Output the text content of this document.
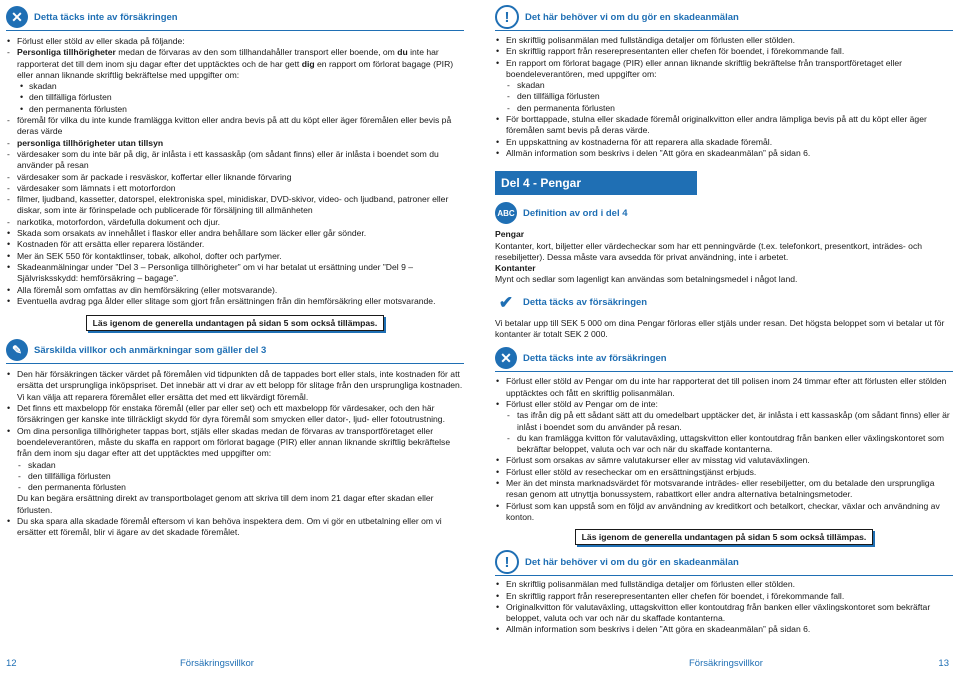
✕	Detta täcks inte av försäkringen
• Förlust eller stöld av eller skada på följande:
- Personliga tillhörigheter medan de förvaras av den som tillhandahåller transport eller boende, om du inte har rapporterat det till dem inom sju dagar efter det upptäcktes och de har gett dig en rapport om förlorat bagage (PIR) eller annan liknande skriftlig bekräftelse med uppgifter om:
• skadan
• den tillfälliga förlusten
• den permanenta förlusten
- föremål för vilka du inte kunde framlägga kvitton eller andra bevis på att du köpt eller äger föremålen eller bevis på deras värde
- personliga tillhörigheter utan tillsyn
- värdesaker som du inte bär på dig, är inlåsta i ett kassaskåp (om sådant finns) eller är inlåsta i boendet som du använder på resan
- värdesaker som är packade i resväskor, koffertar eller liknande förvaring
- värdesaker som lämnats i ett motorfordon
- filmer, ljudband, kassetter, datorspel, elektroniska spel, minidiskar, DVD-skivor, video- och ljudband, patroner eller diskar, som inte är förinspelade och publicerade för försäljning till allmänheten
- narkotika, motorfordon, värdefulla dokument och djur.
• Skada som orsakats av innehållet i flaskor eller andra behållare som läcker eller går sönder.
• Kostnaden för att ersätta eller reparera löständer.
• Mer än SEK 550 för kontaktlinser, tobak, alkohol, dofter och parfymer.
• Skadeanmälningar under ”Del 3 – Personliga tillhörigheter” om vi har betalat ut ersättning under ”Del 9 – Självrisksskydd: hemförsäkring – bagage”.
• Alla föremål som omfattas av din hemförsäkring (eller motsvarande).
• Eventuella avdrag pga ålder eller slitage som gjort från ersättningen från din hemförsäkring eller motsvarande.
Läs igenom de generella undantagen på sidan 5 som också tillämpas.
✎	Särskilda villkor och anmärkningar som gäller del 3
• Den här försäkringen täcker värdet på föremålen vid tidpunkten då de tappades bort eller stals, inte kostnaden för att ersätta det ursprungliga inköpspriset. Det innebär att vi drar av ett belopp för slitage från den ursprungliga kostnaden. Vi kan välja att reparera föremålet eller ersätta det med ett likvärdigt föremål.
• Det finns ett maxbelopp för enstaka föremål (eller par eller set) och ett maxbelopp för värdesaker, och den här försäkringen ger kanske inte tillräckligt skydd för dyra föremål som smycken eller dator-, ljud- eller fotoutrustning.
• Om dina personliga tillhörigheter tappas bort, stjäls eller skadas medan de förvaras av transportföretaget eller boendeleverantören, måste du skaffa en rapport om förlorat bagage (PIR) eller annan liknande skriftlig bekräftelse från dem inom sju dagar efter att det upptäcktes med uppgifter om:
- skadan
- den tillfälliga förlusten
- den permanenta förlusten

Du kan begära ersättning direkt av transportbolaget genom att skriva till dem inom 21 dagar efter skadan eller förlusten.

• Du ska spara alla skadade föremål eftersom vi kan behöva inspektera dem. Om vi gör en utbetalning eller om vi ersätter ett föremål, blir vi ägare av det skadade föremålet.
12	Försäkringsvillkor
!	Det här behöver vi om du gör en skadeanmälan
• En skriftlig polisanmälan med fullständiga detaljer om förlusten eller stölden.
• En skriftlig rapport från reserepresentanten eller chefen för boendet, i förekommande fall.
• En rapport om förlorat bagage (PIR) eller annan liknande skriftlig bekräftelse från transportföretaget eller boendeleverantören, med uppgifter om:
- skadan
- den tillfälliga förlusten
- den permanenta förlusten
• För borttappade, stulna eller skadade föremål originalkvitton eller andra lämpliga bevis på att du köpt eller äger föremålen samt bevis på deras värde.
• En uppskattning av kostnaderna för att reparera alla skadade föremål.
• Allmän information som beskrivs i delen ”Att göra en skadeanmälan” på sidan 6.
Del 4 - Pengar
ABC Definition av ord i del 4

Pengar

Kontanter, kort, biljetter eller värdecheckar som har ett penningvärde (t.ex. telefonkort, presentkort, inträdes- och resebiljetter). Dessa måste vara avsedda för privat användning, inte i arbetet.

Kontanter

Mynt och sedlar som lagenligt kan användas som betalningsmedel i något land.

✔	Detta täcks av försäkringen

Vi betalar upp till SEK 5 000 om dina Pengar förloras eller stjäls under resan. Det högsta beloppet som vi betalar ut för kontanter är totalt SEK 2 000.

✕	Detta täcks inte av försäkringen
• Förlust eller stöld av Pengar om du inte har rapporterat det till polisen inom 24 timmar efter att förlusten eller stölden upptäcktes och fått en skriftlig polisanmälan.
• Förlust eller stöld av Pengar om de inte:
- tas ifrån dig på ett sådant sätt att du omedelbart upptäcker det, är inlåsta i ett kassaskåp (om sådant finns) eller är inlåst i boendet som du använder på resan.
- du kan framlägga kvitton för valutaväxling, uttagskvitton eller kontoutdrag från banken eller växlingskontoret som bekräftar beloppet, valuta och var och när du skaffade kontanterna.
• Förlust som orsakas av sämre valutakurser eller av misstag vid valutaväxlingen.
• Förlust eller stöld av resecheckar om en ersättningstjänst erbjuds.
• Mer än det minsta marknadsvärdet för motsvarande inträdes- eller resebiljetter, om du betalade den ursprungliga resan genom att utnyttja bonussystem, rabattkort eller andra alternativa betalningsmetoder.
• Förlust som kan uppstå som en följd av användning av kreditkort och betalkort, checkar, växlar och användning av konton.
Läs igenom de generella undantagen på sidan 5 som också tillämpas.
!	Det här behöver vi om du gör en skadeanmälan
• En skriftlig polisanmälan med fullständiga detaljer om förlusten eller stölden.
• En skriftlig rapport från reserepresentanten eller chefen för boendet, i förekommande fall.
• Originalkvitton för valutaväxling, uttagskvitton eller kontoutdrag från banken eller växlingskontoret som bekräftar beloppet, valuta och var och när du skaffade kontanterna.
• Allmän information som beskrivs i delen ”Att göra en skadeanmälan” på sidan 6.
Försäkringsvillkor	13
